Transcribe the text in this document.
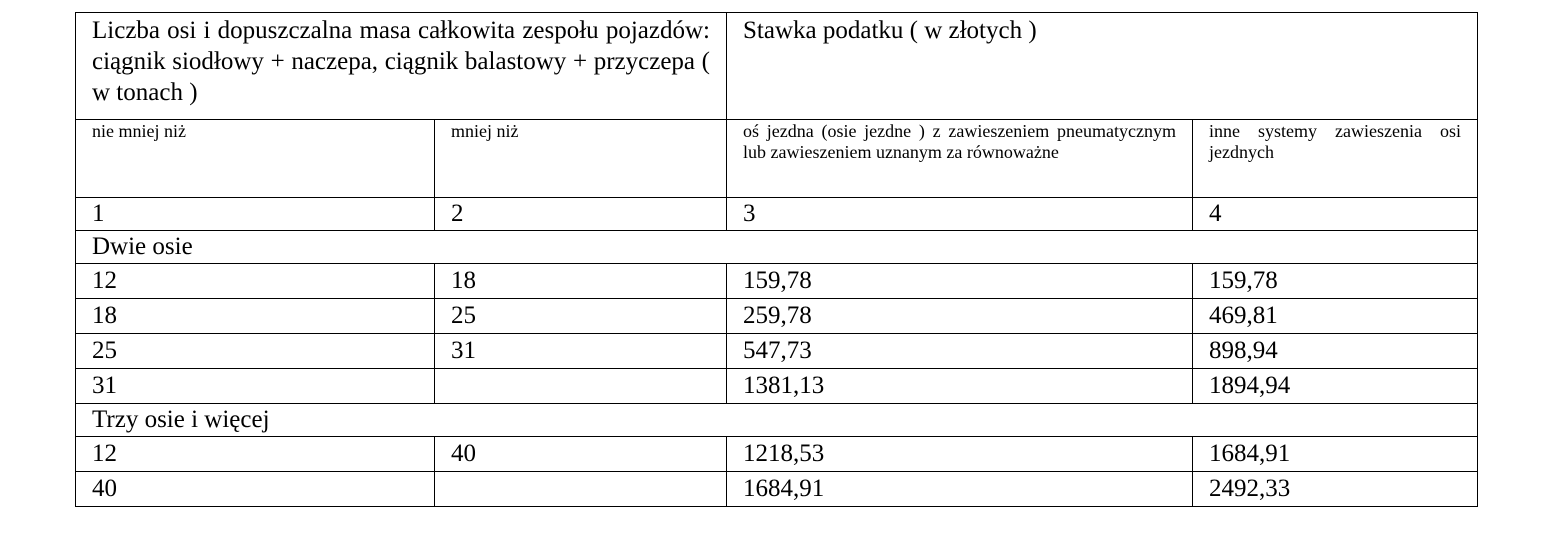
Liczba osi i dopuszczalna masa całkowita zespołu pojazdów: ciągnik siodłowy + naczepa, ciągnik balastowy + przyczepa ( w tonach )		Stawka podatku ( w złotych )	
nie mniej niż	mniej niż	oś jezdna (osie jezdne ) z zawieszeniem pneumatycznym lub zawieszeniem uznanym za równoważne	inne systemy zawieszenia osi jezdnych
1	2	3	4
Dwie osie			
12	18	159,78	159,78
18	25	259,78	469,81
25	31	547,73	898,94
31		1381,13	1894,94
Trzy osie i więcej			
12	40	1218,53	1684,91
40		1684,91	2492,33
